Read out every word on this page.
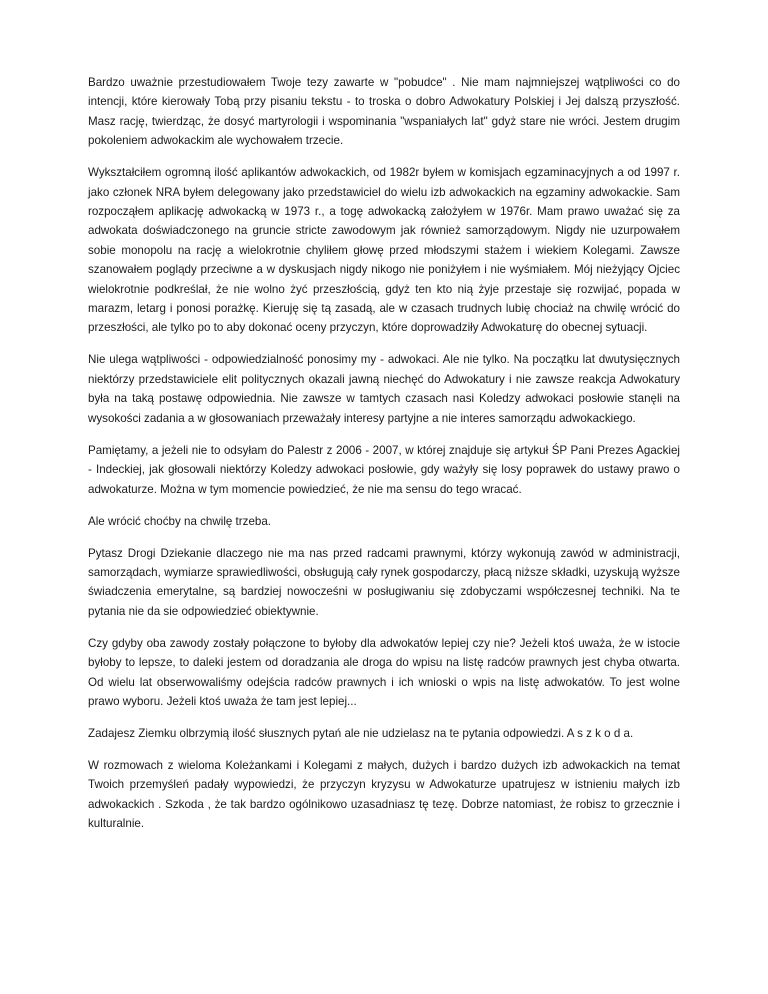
Bardzo uważnie przestudiowałem Twoje tezy zawarte w "pobudce" . Nie mam najmniejszej wątpliwości co do intencji, które kierowały Tobą przy pisaniu tekstu - to troska o dobro Adwokatury Polskiej i Jej dalszą przyszłość. Masz rację, twierdząc, że dosyć martyrologii i wspominania "wspaniałych lat" gdyż stare nie wróci. Jestem drugim pokoleniem adwokackim ale wychowałem trzecie.

Wykształciłem ogromną ilość aplikantów adwokackich, od 1982r byłem w komisjach egzaminacyjnych a od 1997 r. jako członek NRA byłem delegowany jako przedstawiciel do wielu izb adwokackich na egzaminy adwokackie. Sam rozpocząłem aplikację adwokacką w 1973 r., a togę adwokacką założyłem w 1976r. Mam prawo uważać się za adwokata doświadczonego na gruncie stricte zawodowym jak również samorządowym. Nigdy nie uzurpowałem sobie monopolu na rację a wielokrotnie chyliłem głowę przed młodszymi stażem i wiekiem Kolegami. Zawsze szanowałem poglądy przeciwne a w dyskusjach nigdy nikogo nie poniżyłem i nie wyśmiałem. Mój nieżyjący Ojciec wielokrotnie podkreślał, że nie wolno żyć przeszłością, gdyż ten kto nią żyje przestaje się rozwijać, popada w marazm, letarg i ponosi porażkę. Kieruję się tą zasadą, ale w czasach trudnych lubię chociaż na chwilę wrócić do przeszłości, ale tylko po to aby dokonać oceny przyczyn, które doprowadziły Adwokaturę do obecnej sytuacji.

Nie ulega wątpliwości - odpowiedzialność ponosimy my - adwokaci. Ale nie tylko. Na początku lat dwutysięcznych niektórzy przedstawiciele elit politycznych okazali jawną niechęć do Adwokatury i nie zawsze reakcja Adwokatury była na taką postawę odpowiednia. Nie zawsze w tamtych czasach nasi Koledzy adwokaci posłowie stanęli na wysokości zadania a w głosowaniach przeważały interesy partyjne a nie interes samorządu adwokackiego.

Pamiętamy, a jeżeli nie to odsyłam do Palestr z 2006 - 2007, w której znajduje się artykuł ŚP Pani Prezes Agackiej - Indeckiej, jak głosowali niektórzy Koledzy adwokaci posłowie, gdy ważyły się losy poprawek do ustawy prawo o adwokaturze. Można w tym momencie powiedzieć, że nie ma sensu do tego wracać.

Ale wrócić choćby na chwilę trzeba.

Pytasz Drogi Dziekanie dlaczego nie ma nas przed radcami prawnymi, którzy wykonują zawód w administracji, samorządach, wymiarze sprawiedliwości, obsługują cały rynek gospodarczy, płacą niższe składki, uzyskują wyższe świadczenia emerytalne, są bardziej nowocześni w posługiwaniu się zdobyczami współczesnej techniki. Na te pytania nie da sie odpowiedzieć obiektywnie.

Czy gdyby oba zawody zostały połączone to byłoby dla adwokatów lepiej czy nie? Jeżeli ktoś uważa, że w istocie byłoby to lepsze, to daleki jestem od doradzania ale droga do wpisu na listę radców prawnych jest chyba otwarta. Od wielu lat obserwowaliśmy odejścia radców prawnych i ich wnioski o wpis na listę adwokatów. To jest wolne prawo wyboru. Jeżeli ktoś uważa że tam jest lepiej...

Zadajesz Ziemku olbrzymią ilość słusznych pytań ale nie udzielasz na te pytania odpowiedzi. A s z k o d a.

W rozmowach z wieloma Koleżankami i Kolegami z małych, dużych i bardzo dużych izb adwokackich na temat Twoich przemyśleń padały wypowiedzi, że przyczyn kryzysu w Adwokaturze upatrujesz w istnieniu małych izb adwokackich . Szkoda , że tak bardzo ogólnikowo uzasadniasz tę tezę. Dobrze natomiast, że robisz to grzecznie i kulturalnie.
